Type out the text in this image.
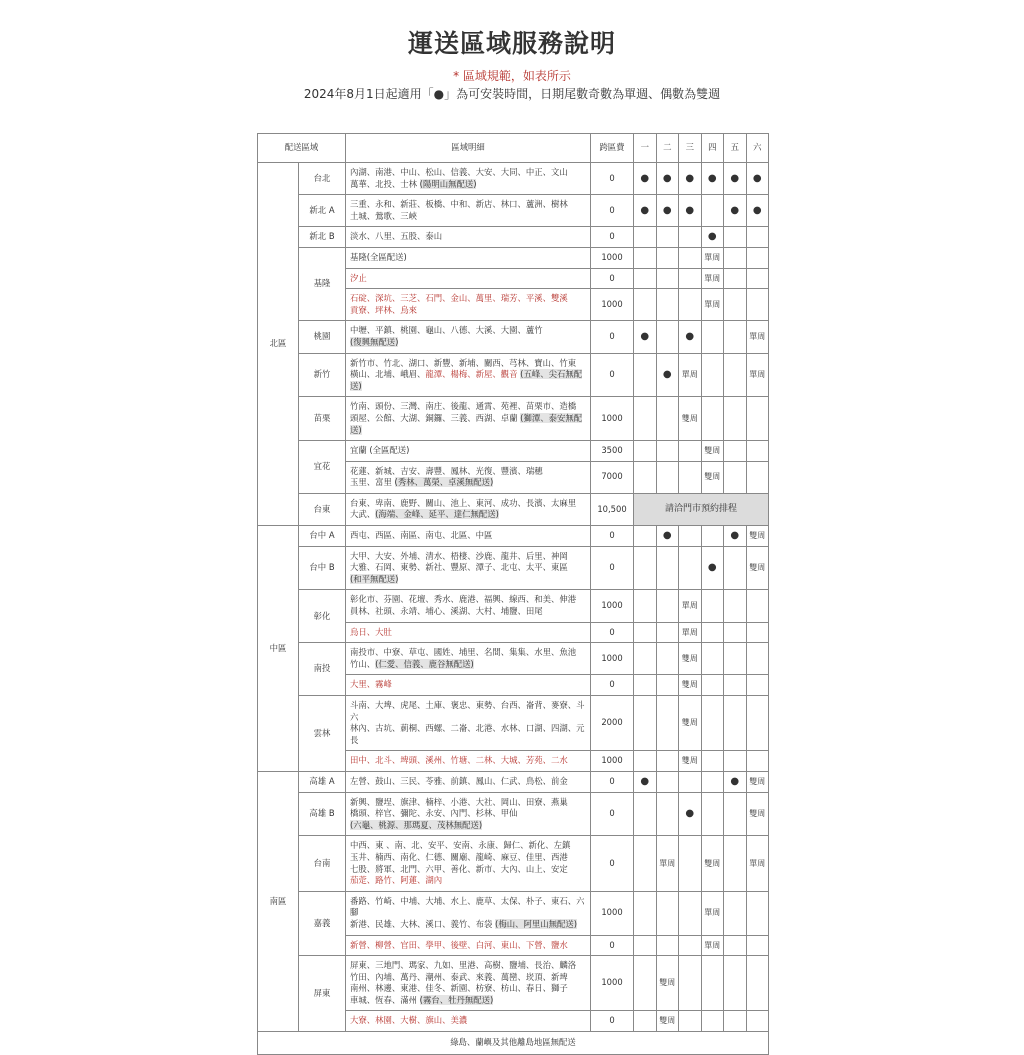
運送區域服務說明
* 區域規範，如表所示
2024年8月1日起適用「●」為可安裝時間，日期尾數奇數為單週、偶數為雙週
配送區域		區域明細	跨區費	一	二	三	四	五	六
北區	台北	內湖、南港、中山、松山、信義、大安、大同、中正、文山
萬華、北投、士林 (陽明山無配送)	0	●	●	●	●	●	●
	新北 A	三重、永和、新莊、板橋、中和、新店、林口、蘆洲、樹林
土城、鶯歌、三峽	0	●	●	●		●	●
	新北 B	淡水、八里、五股、泰山	0				●		
	基隆	基隆(全區配送)	1000				單周		
		汐止	0				單周		
		石碇、深坑、三芝、石門、金山、萬里、瑞芳、平溪、雙溪
貢寮、坪林、烏來	1000				單周		
	桃園	中壢、平鎮、桃園、龜山、八德、大溪、大園、蘆竹
(復興無配送)	0	●		●			單周
	新竹	新竹市、竹北、湖口、新豐、新埔、關西、芎林、寶山、竹東
橫山、北埔、峨眉、龍潭、楊梅、新屋、觀音 (五峰、尖石無配送)	0		●	單周			單周
	苗栗	竹南、頭份、三灣、南庄、後龍、通霄、苑裡、苗栗市、造橋
頭屋、公館、大湖、銅鑼、三義、西湖、卓蘭 (獅潭、泰安無配送)	1000			雙周			
	宜花	宜蘭 (全區配送)	3500				雙周		
		花蓮、新城、吉安、壽豐、鳳林、光復、豐濱、瑞穗
玉里、富里 (秀林、萬榮、卓溪無配送)	7000				雙周		
	台東	台東、卑南、鹿野、關山、池上、東河、成功、長濱、太麻里
大武、(海端、金峰、延平、達仁無配送)	10,500	請洽門市預約排程					
中區	台中 A	西屯、西區、南區、南屯、北區、中區	0		●			●	雙周
	台中 B	大甲、大安、外埔、清水、梧棲、沙鹿、龍井、后里、神岡
大雅、石岡、東勢、新社、豐原、潭子、北屯、太平、東區
(和平無配送)	0				●		雙周
	彰化	彰化市、芬園、花壇、秀水、鹿港、福興、線西、和美、伸港
員林、社頭、永靖、埔心、溪湖、大村、埔鹽、田尾	1000			單周			
		烏日、大肚	0			單周			
	南投	南投市、中寮、草屯、國姓、埔里、名間、集集、水里、魚池
竹山、(仁愛、信義、鹿谷無配送)	1000			雙周			
		大里、霧峰	0			雙周			
	雲林	斗南、大埤、虎尾、土庫、褒忠、東勢、台西、崙背、麥寮、斗六
林內、古坑、莿桐、西螺、二崙、北港、水林、口湖、四湖、元長	2000			雙周			
		田中、北斗、埤頭、溪州、竹塘、二林、大城、芳苑、二水	1000			雙周			
南區	高雄 A	左營、鼓山、三民、苓雅、前鎮、鳳山、仁武、鳥松、前金	0	●				●	雙周
	高雄 B	新興、鹽埕、旗津、楠梓、小港、大社、岡山、田寮、燕巢
橋頭、梓官、彌陀、永安、內門、杉林、甲仙
(六龜、桃源、那瑪夏、茂林無配送)	0			●			雙周
	台南	中西、東 、南、北、安平、安南、永康、歸仁、新化、左鎮
玉井、楠西、南化、仁德、關廟、龍崎、麻豆、佳里、西港
七股、將軍、北門、六甲、善化、新市、大內、山上、安定
茄萣、路竹、阿蓮、湖內	0		單周		雙周		單周
	嘉義	番路、竹崎、中埔、大埔、水上、鹿草、太保、朴子、東石、六腳
新港、民雄、大林、溪口、義竹、布袋 (梅山、阿里山無配送)	1000				單周		
		新營、柳營、官田、學甲、後壁、白河、東山、下營、鹽水	0				單周		
	屏東	屏東、三地門、瑪家、九如、里港、高樹、鹽埔、長治、麟洛
竹田、內埔、萬丹、潮州、泰武、來義、萬巒、崁頂、新埤
南州、林邊、東港、佳冬、新園、枋寮、枋山、春日、獅子
車城、恆春、滿州 (霧台、牡丹無配送)	1000		雙周				
		大寮、林園、大樹、旗山、美濃	0		雙周				
綠島、蘭嶼及其他離島地區無配送									
